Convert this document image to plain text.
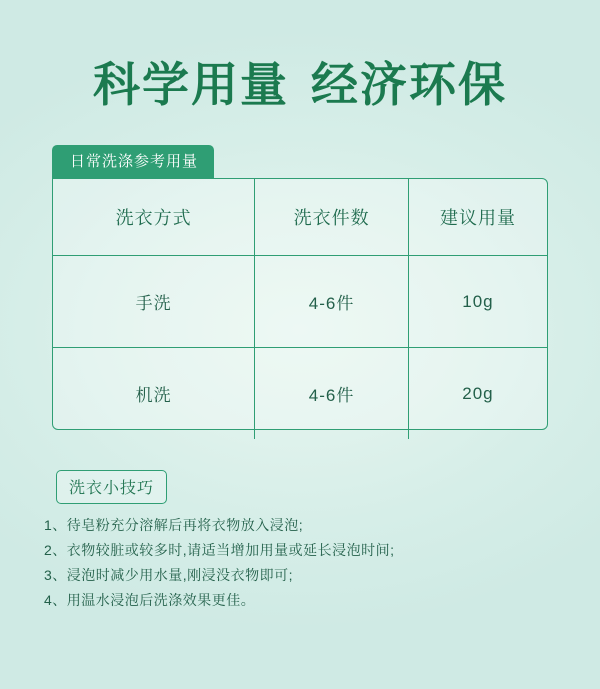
科学用量 经济环保
日常洗涤参考用量
洗衣方式	洗衣件数	建议用量
手洗	4-6件	10g
机洗	4-6件	20g
洗衣小技巧
1、待皂粉充分溶解后再将衣物放入浸泡;
2、衣物较脏或较多时,请适当增加用量或延长浸泡时间;
3、浸泡时减少用水量,刚浸没衣物即可;
4、用温水浸泡后洗涤效果更佳。
